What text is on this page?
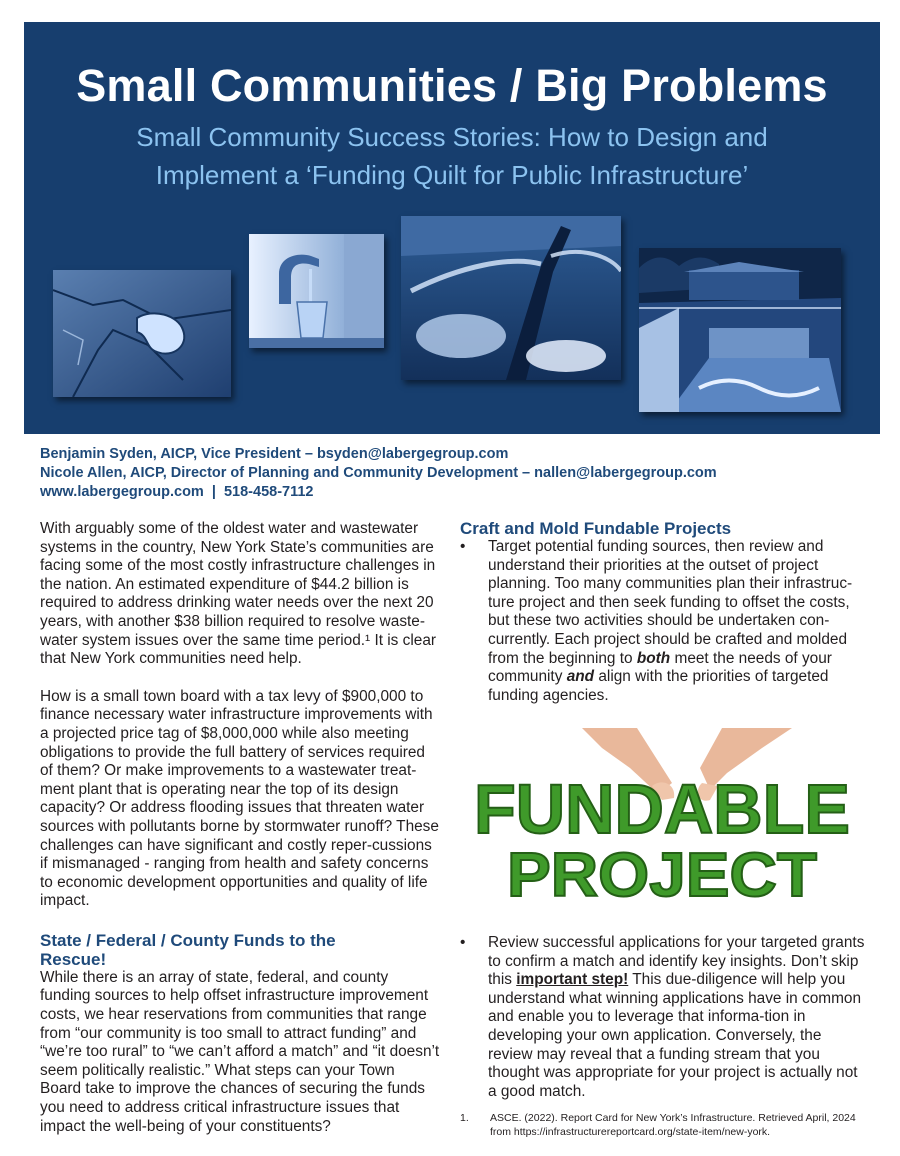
Small Communities / Big Problems
Small Community Success Stories: How to Design and
Implement a ‘Funding Quilt for Public Infrastructure’
Benjamin Syden, AICP, Vice President – bsyden@labergegroup.com
Nicole Allen, AICP, Director of Planning and Community Development – nallen@labergegroup.com
www.labergegroup.com  |  518-458-7112

With arguably some of the oldest water and wastewater systems in the country, New York State’s communities are facing some of the most costly infrastructure challenges in the nation. An estimated expenditure of $44.2 billion is required to address drinking water needs over the next 20 years, with another $38 billion required to resolve waste-water system issues over the same time period.¹ It is clear that New York communities need help.

How is a small town board with a tax levy of $900,000 to finance necessary water infrastructure improvements with a projected price tag of $8,000,000 while also meeting obligations to provide the full battery of services required of them? Or make improvements to a wastewater treat-ment plant that is operating near the top of its design capacity? Or address flooding issues that threaten water sources with pollutants borne by stormwater runoff? These challenges can have significant and costly reper-cussions if mismanaged - ranging from health and safety concerns to economic development opportunities and quality of life impact.

State / Federal / County Funds to the
Rescue!

While there is an array of state, federal, and county funding sources to help offset infrastructure improvement costs, we hear reservations from communities that range from “our community is too small to attract funding” and “we’re too rural” to “we can’t afford a match” and “it doesn’t seem politically realistic.” What steps can your Town Board take to improve the chances of securing the funds you need to address critical infrastructure issues that impact the well-being of your constituents?

Craft and Mold Fundable Projects
• Target potential funding sources, then review and understand their priorities at the outset of project planning. Too many communities plan their infrastruc-ture project and then seek funding to offset the costs, but these two activities should be undertaken con-currently. Each project should be crafted and molded from the beginning to both meet the needs of your community and align with the priorities of targeted funding agencies.
FUNDABLE
PROJECT
• Review successful applications for your targeted grants to confirm a match and identify key insights. Don’t skip this important step! This due-diligence will help you understand what winning applications have in common and enable you to leverage that informa-tion in developing your own application. Conversely, the review may reveal that a funding stream that you thought was appropriate for your project is actually not a good match.
1. ASCE. (2022). Report Card for New York’s Infrastructure. Retrieved April, 2024 from https://infrastructurereportcard.org/state-item/new-york.
